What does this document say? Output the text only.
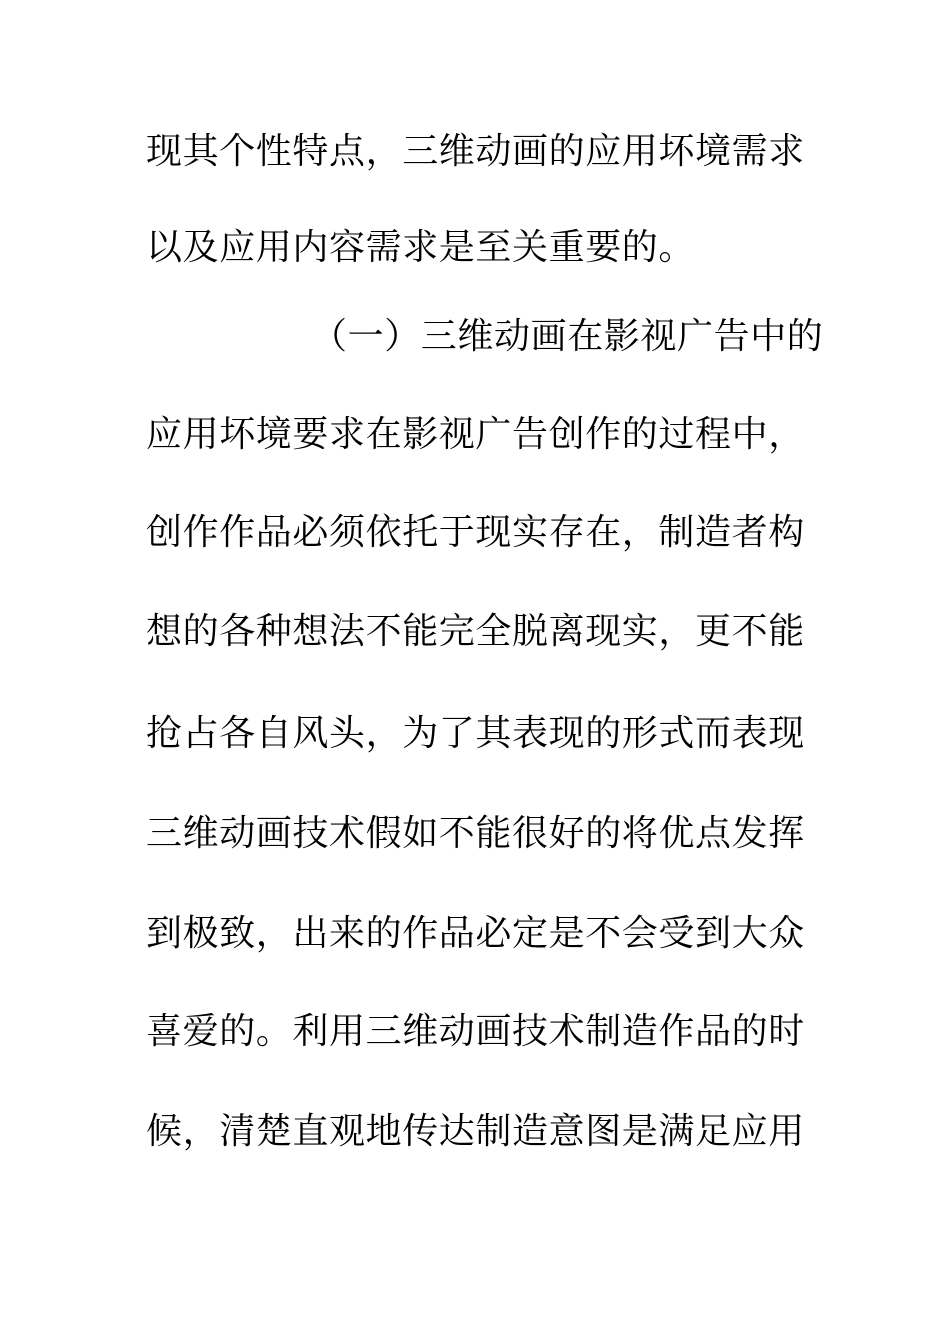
现其个性特点，三维动画的应用坏境需求
以及应用内容需求是至关重要的。
（一）三维动画在影视广告中的
应用坏境要求在影视广告创作的过程中，
创作作品必须依托于现实存在，制造者构
想的各种想法不能完全脱离现实，更不能
抢占各自风头，为了其表现的形式而表现
三维动画技术假如不能很好的将优点发挥
到极致，出来的作品必定是不会受到大众
喜爱的。利用三维动画技术制造作品的时
候，清楚直观地传达制造意图是满足应用
